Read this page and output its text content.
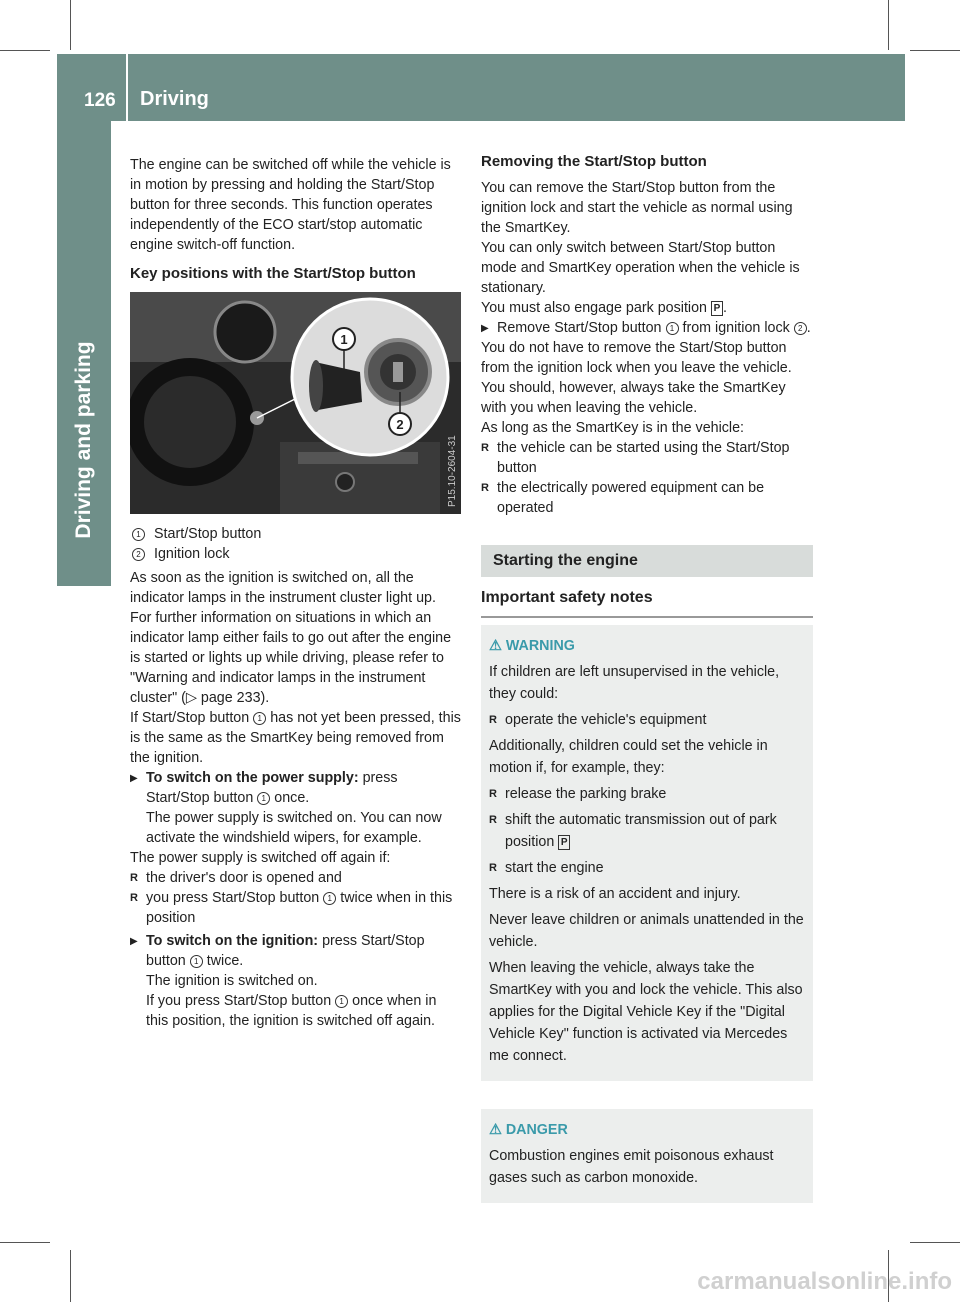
126 Driving
Driving and parking

The engine can be switched off while the vehicle is in motion by pressing and holding the Start/Stop button for three seconds. This function operates independently of the ECO start/stop automatic engine switch-off function.

Key positions with the Start/Stop button
1
2
P15.10-2604-31
1 Start/Stop button
2 Ignition lock

As soon as the ignition is switched on, all the indicator lamps in the instrument cluster light up.

For further information on situations in which an indicator lamp either fails to go out after the engine is started or lights up while driving, please refer to "Warning and indicator lamps in the instrument cluster" (▷ page 233).

If Start/Stop button 1 has not yet been pressed, this is the same as the SmartKey being removed from the ignition.

▶ To switch on the power supply: press Start/Stop button 1 once.
The power supply is switched on. You can now activate the windshield wipers, for example.

The power supply is switched off again if:

R the driver's door is opened and
R you press Start/Stop button 1 twice when in this position
▶ To switch on the ignition: press Start/Stop button 1 twice.
The ignition is switched on.
If you press Start/Stop button 1 once when in this position, the ignition is switched off again.
Removing the Start/Stop button

You can remove the Start/Stop button from the ignition lock and start the vehicle as normal using the SmartKey.

You can only switch between Start/Stop button mode and SmartKey operation when the vehicle is stationary.

You must also engage park position P .

▶ Remove Start/Stop button 1 from ignition lock 2 .

You do not have to remove the Start/Stop button from the ignition lock when you leave the vehicle. You should, however, always take the SmartKey with you when leaving the vehicle.

As long as the SmartKey is in the vehicle:

R the vehicle can be started using the Start/Stop button
R the electrically powered equipment can be operated
Starting the engine
Important safety notes
⚠ WARNING

If children are left unsupervised in the vehicle, they could:

R operate the vehicle's equipment

Additionally, children could set the vehicle in motion if, for example, they:

R release the parking brake
R shift the automatic transmission out of park position P
R start the engine

There is a risk of an accident and injury.

Never leave children or animals unattended in the vehicle.

When leaving the vehicle, always take the SmartKey with you and lock the vehicle. This also applies for the Digital Vehicle Key if the "Digital Vehicle Key" function is activated via Mercedes me connect.

⚠ DANGER

Combustion engines emit poisonous exhaust gases such as carbon monoxide.

carmanualsonline.info
